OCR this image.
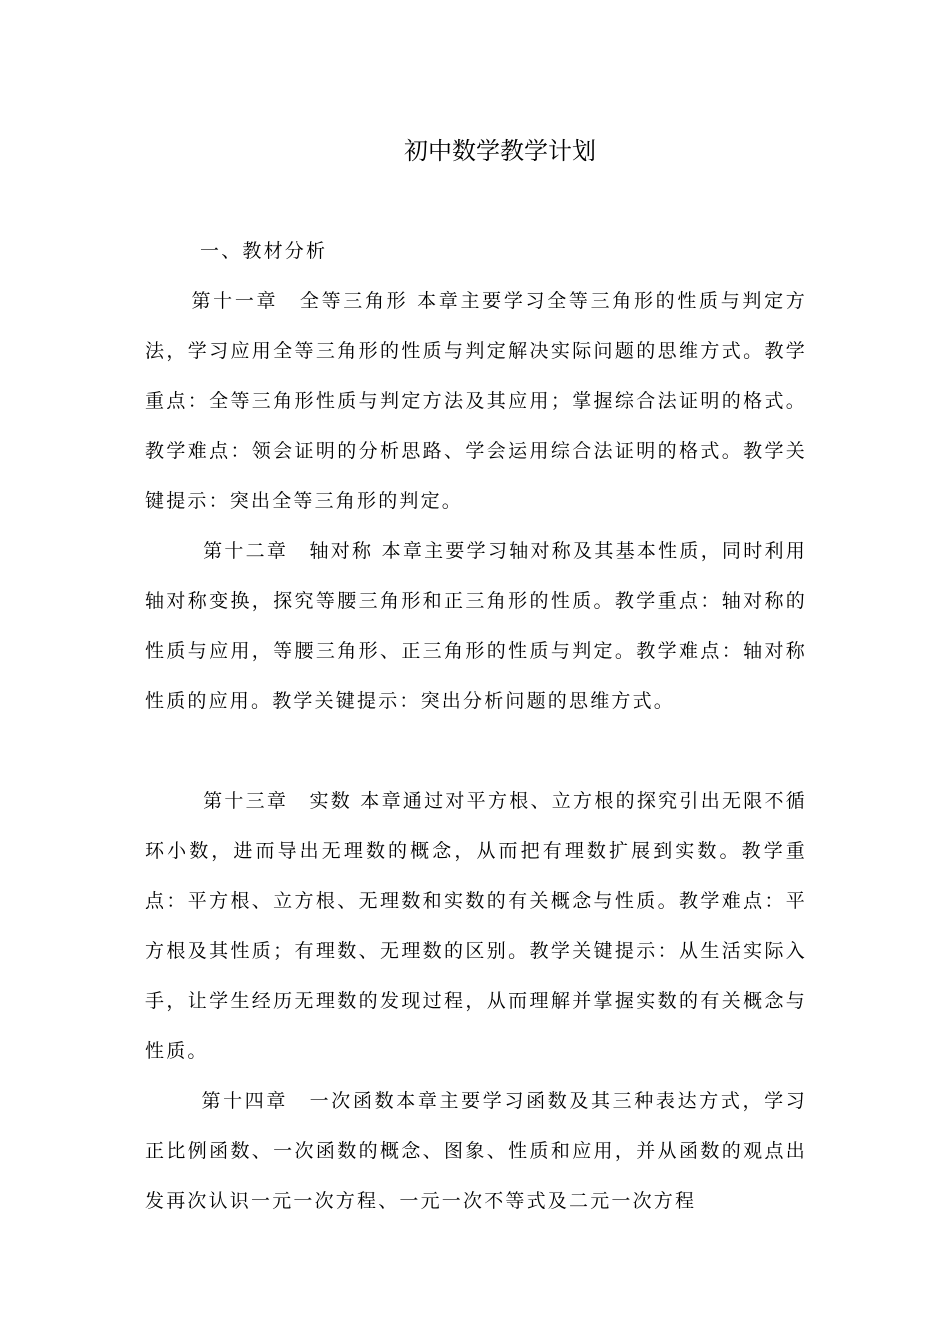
初中数学教学计划
一、教材分析

第十一章　全等三角形 本章主要学习全等三角形的性质与判定方法，学习应用全等三角形的性质与判定解决实际问题的思维方式。教学重点：全等三角形性质与判定方法及其应用；掌握综合法证明的格式。教学难点：领会证明的分析思路、学会运用综合法证明的格式。教学关键提示：突出全等三角形的判定。

第十二章　轴对称 本章主要学习轴对称及其基本性质，同时利用轴对称变换，探究等腰三角形和正三角形的性质。教学重点：轴对称的性质与应用，等腰三角形、正三角形的性质与判定。教学难点：轴对称性质的应用。教学关键提示：突出分析问题的思维方式。

第十三章　实数 本章通过对平方根、立方根的探究引出无限不循环小数，进而导出无理数的概念，从而把有理数扩展到实数。教学重点：平方根、立方根、无理数和实数的有关概念与性质。教学难点：平方根及其性质；有理数、无理数的区别。教学关键提示：从生活实际入手，让学生经历无理数的发现过程，从而理解并掌握实数的有关概念与性质。

第十四章　一次函数本章主要学习函数及其三种表达方式，学习正比例函数、一次函数的概念、图象、性质和应用，并从函数的观点出发再次认识一元一次方程、一元一次不等式及二元一次方程
